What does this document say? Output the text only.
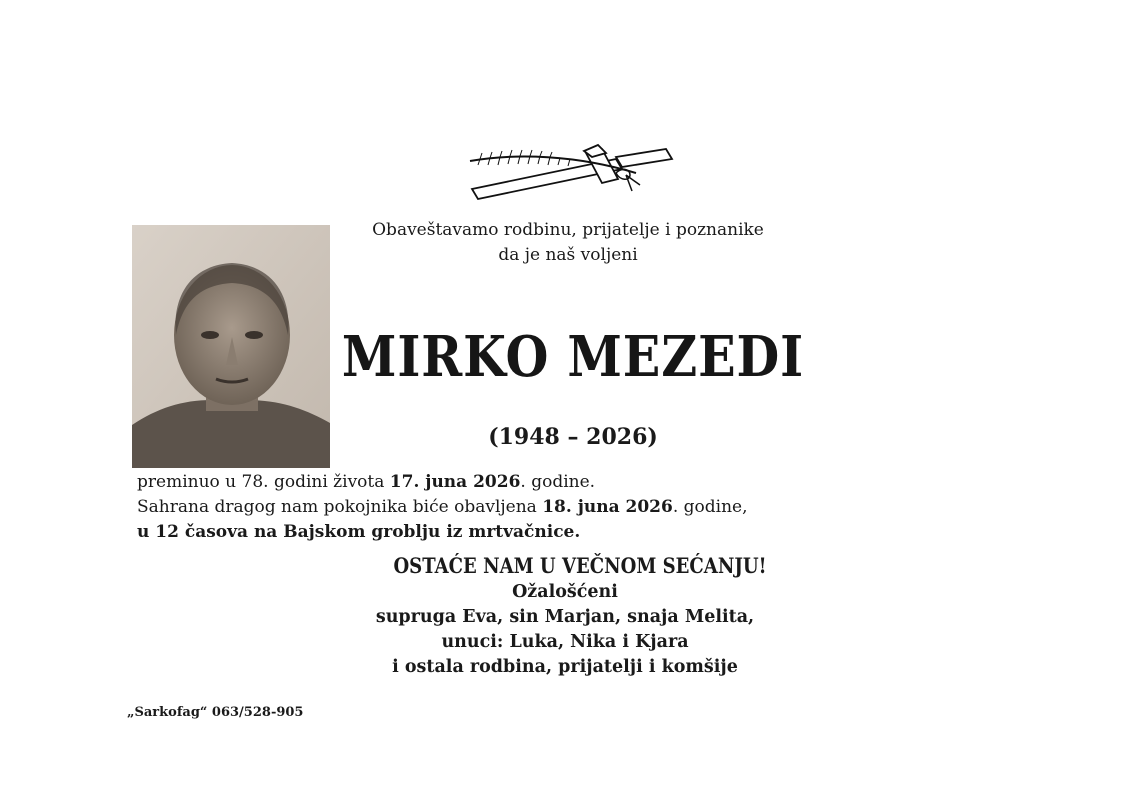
Obaveštavamo rodbinu, prijatelje i poznanike
da je naš voljeni
MIRKO MEZEDI
(1948 – 2026)
preminuo u 78. godini života 17. juna 2026. godine.
Sahrana dragog nam pokojnika biće obavljena 18. juna 2026. godine,
u 12 časova na Bajskom groblju iz mrtvačnice.
OSTAĆE NAM U VEČNOM SEĆANJU!
Ožalošćeni
supruga Eva, sin Marjan, snaja Melita,
unuci: Luka, Nika i Kjara
i ostala rodbina, prijatelji i komšije
„Sarkofag“ 063/528-905
